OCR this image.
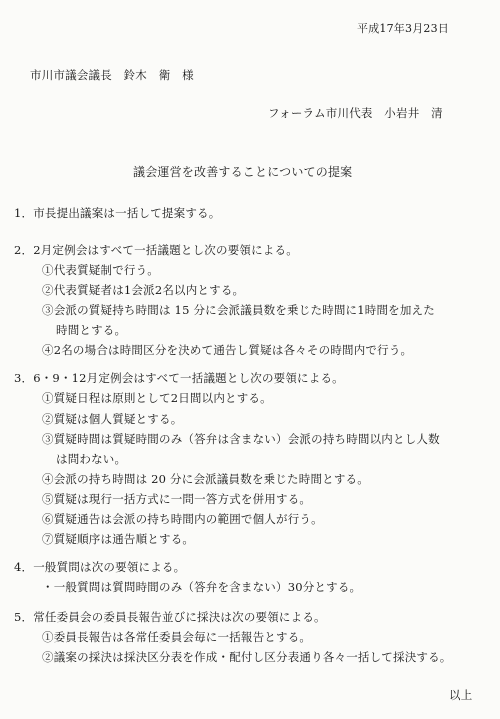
平成17年3月23日
市川市議会議長　鈴木　衛　様
フォーラム市川代表　小岩井　清
議会運営を改善することについての提案
1．市長提出議案は一括して提案する。
2．2月定例会はすべて一括議題とし次の要領による。
①代表質疑制で行う。
②代表質疑者は1会派2名以内とする。
③会派の質疑持ち時間は 15 分に会派議員数を乗じた時間に1時間を加えた
時間とする。
④2名の場合は時間区分を決めて通告し質疑は各々その時間内で行う。
3．6・9・12月定例会はすべて一括議題とし次の要領による。
①質疑日程は原則として2日間以内とする。
②質疑は個人質疑とする。
③質疑時間は質疑時間のみ（答弁は含まない）会派の持ち時間以内とし人数
は問わない。
④会派の持ち時間は 20 分に会派議員数を乗じた時間とする。
⑤質疑は現行一括方式に一問一答方式を併用する。
⑥質疑通告は会派の持ち時間内の範囲で個人が行う。
⑦質疑順序は通告順とする。
4．一般質問は次の要領による。
・一般質問は質問時間のみ（答弁を含まない）30分とする。
5．常任委員会の委員長報告並びに採決は次の要領による。
①委員長報告は各常任委員会毎に一括報告とする。
②議案の採決は採決区分表を作成・配付し区分表通り各々一括して採決する。
以上
